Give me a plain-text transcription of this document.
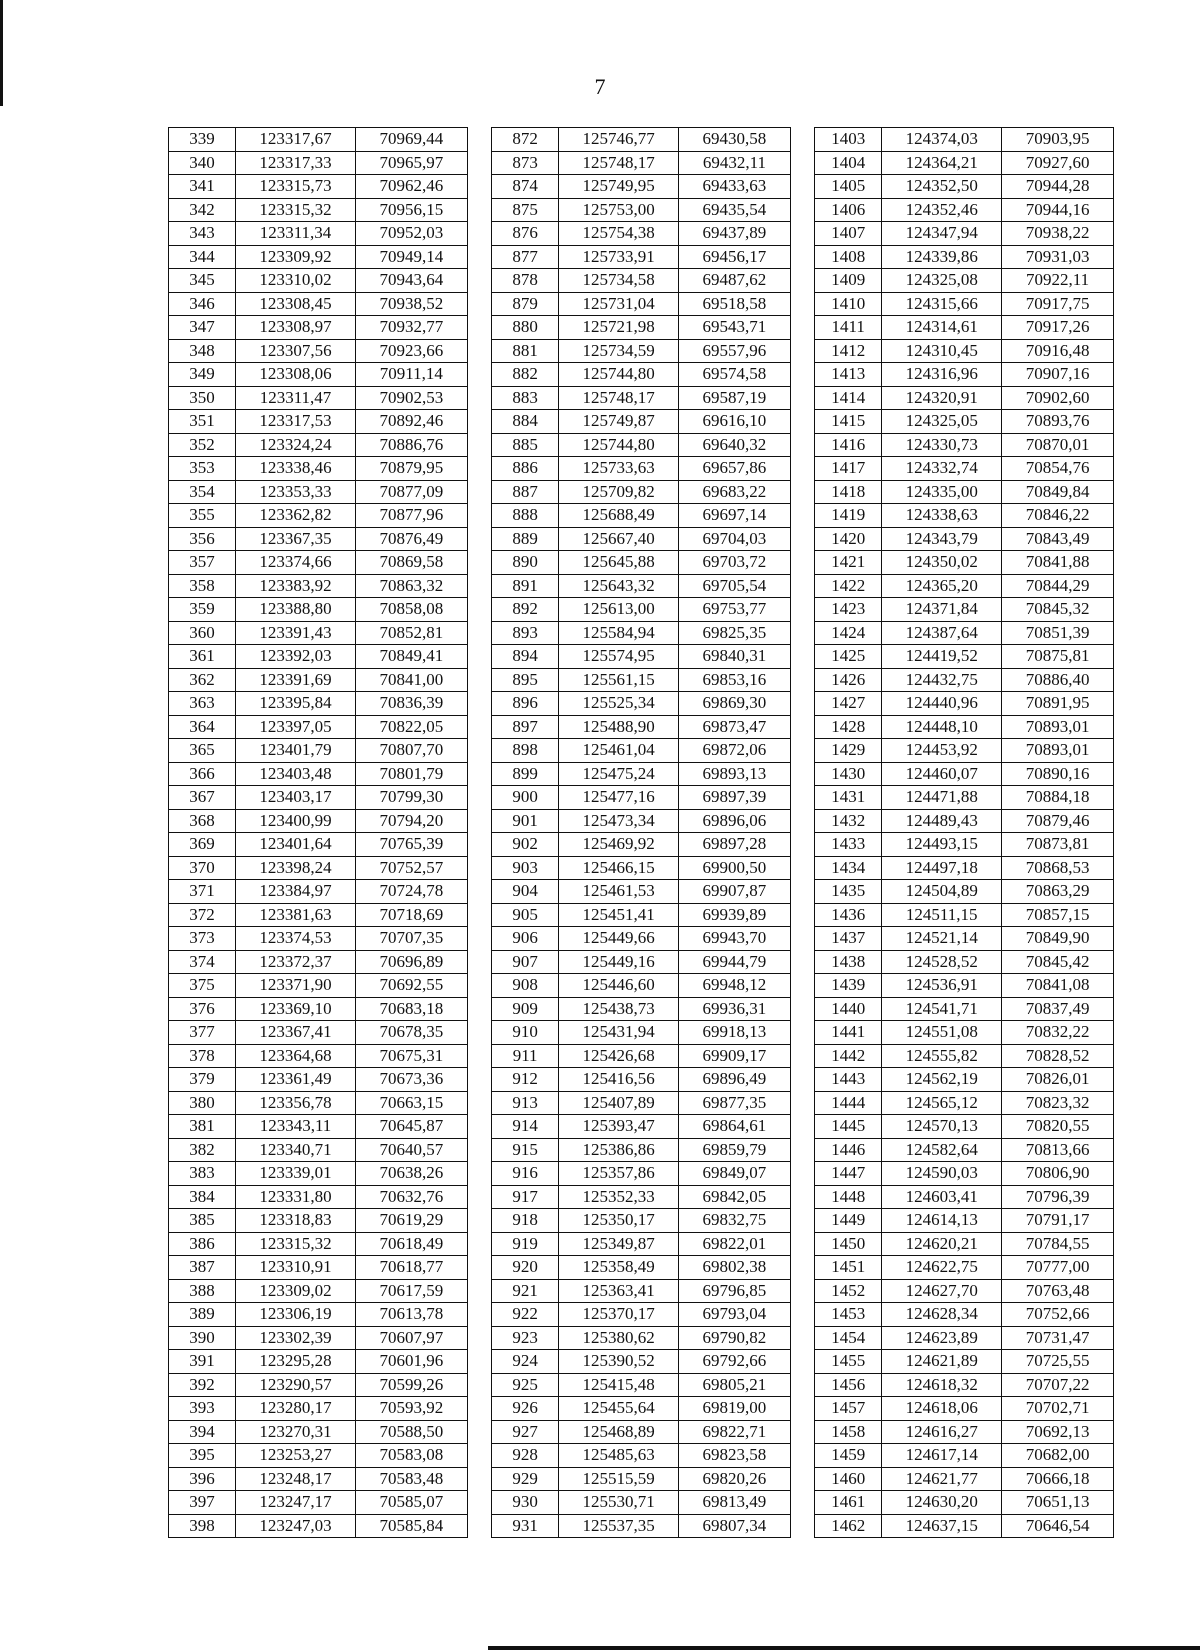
7
339	123317,67	70969,44		872	125746,77	69430,58		1403	124374,03	70903,95
340	123317,33	70965,97		873	125748,17	69432,11		1404	124364,21	70927,60
341	123315,73	70962,46		874	125749,95	69433,63		1405	124352,50	70944,28
342	123315,32	70956,15		875	125753,00	69435,54		1406	124352,46	70944,16
343	123311,34	70952,03		876	125754,38	69437,89		1407	124347,94	70938,22
344	123309,92	70949,14		877	125733,91	69456,17		1408	124339,86	70931,03
345	123310,02	70943,64		878	125734,58	69487,62		1409	124325,08	70922,11
346	123308,45	70938,52		879	125731,04	69518,58		1410	124315,66	70917,75
347	123308,97	70932,77		880	125721,98	69543,71		1411	124314,61	70917,26
348	123307,56	70923,66		881	125734,59	69557,96		1412	124310,45	70916,48
349	123308,06	70911,14		882	125744,80	69574,58		1413	124316,96	70907,16
350	123311,47	70902,53		883	125748,17	69587,19		1414	124320,91	70902,60
351	123317,53	70892,46		884	125749,87	69616,10		1415	124325,05	70893,76
352	123324,24	70886,76		885	125744,80	69640,32		1416	124330,73	70870,01
353	123338,46	70879,95		886	125733,63	69657,86		1417	124332,74	70854,76
354	123353,33	70877,09		887	125709,82	69683,22		1418	124335,00	70849,84
355	123362,82	70877,96		888	125688,49	69697,14		1419	124338,63	70846,22
356	123367,35	70876,49		889	125667,40	69704,03		1420	124343,79	70843,49
357	123374,66	70869,58		890	125645,88	69703,72		1421	124350,02	70841,88
358	123383,92	70863,32		891	125643,32	69705,54		1422	124365,20	70844,29
359	123388,80	70858,08		892	125613,00	69753,77		1423	124371,84	70845,32
360	123391,43	70852,81		893	125584,94	69825,35		1424	124387,64	70851,39
361	123392,03	70849,41		894	125574,95	69840,31		1425	124419,52	70875,81
362	123391,69	70841,00		895	125561,15	69853,16		1426	124432,75	70886,40
363	123395,84	70836,39		896	125525,34	69869,30		1427	124440,96	70891,95
364	123397,05	70822,05		897	125488,90	69873,47		1428	124448,10	70893,01
365	123401,79	70807,70		898	125461,04	69872,06		1429	124453,92	70893,01
366	123403,48	70801,79		899	125475,24	69893,13		1430	124460,07	70890,16
367	123403,17	70799,30		900	125477,16	69897,39		1431	124471,88	70884,18
368	123400,99	70794,20		901	125473,34	69896,06		1432	124489,43	70879,46
369	123401,64	70765,39		902	125469,92	69897,28		1433	124493,15	70873,81
370	123398,24	70752,57		903	125466,15	69900,50		1434	124497,18	70868,53
371	123384,97	70724,78		904	125461,53	69907,87		1435	124504,89	70863,29
372	123381,63	70718,69		905	125451,41	69939,89		1436	124511,15	70857,15
373	123374,53	70707,35		906	125449,66	69943,70		1437	124521,14	70849,90
374	123372,37	70696,89		907	125449,16	69944,79		1438	124528,52	70845,42
375	123371,90	70692,55		908	125446,60	69948,12		1439	124536,91	70841,08
376	123369,10	70683,18		909	125438,73	69936,31		1440	124541,71	70837,49
377	123367,41	70678,35		910	125431,94	69918,13		1441	124551,08	70832,22
378	123364,68	70675,31		911	125426,68	69909,17		1442	124555,82	70828,52
379	123361,49	70673,36		912	125416,56	69896,49		1443	124562,19	70826,01
380	123356,78	70663,15		913	125407,89	69877,35		1444	124565,12	70823,32
381	123343,11	70645,87		914	125393,47	69864,61		1445	124570,13	70820,55
382	123340,71	70640,57		915	125386,86	69859,79		1446	124582,64	70813,66
383	123339,01	70638,26		916	125357,86	69849,07		1447	124590,03	70806,90
384	123331,80	70632,76		917	125352,33	69842,05		1448	124603,41	70796,39
385	123318,83	70619,29		918	125350,17	69832,75		1449	124614,13	70791,17
386	123315,32	70618,49		919	125349,87	69822,01		1450	124620,21	70784,55
387	123310,91	70618,77		920	125358,49	69802,38		1451	124622,75	70777,00
388	123309,02	70617,59		921	125363,41	69796,85		1452	124627,70	70763,48
389	123306,19	70613,78		922	125370,17	69793,04		1453	124628,34	70752,66
390	123302,39	70607,97		923	125380,62	69790,82		1454	124623,89	70731,47
391	123295,28	70601,96		924	125390,52	69792,66		1455	124621,89	70725,55
392	123290,57	70599,26		925	125415,48	69805,21		1456	124618,32	70707,22
393	123280,17	70593,92		926	125455,64	69819,00		1457	124618,06	70702,71
394	123270,31	70588,50		927	125468,89	69822,71		1458	124616,27	70692,13
395	123253,27	70583,08		928	125485,63	69823,58		1459	124617,14	70682,00
396	123248,17	70583,48		929	125515,59	69820,26		1460	124621,77	70666,18
397	123247,17	70585,07		930	125530,71	69813,49		1461	124630,20	70651,13
398	123247,03	70585,84		931	125537,35	69807,34		1462	124637,15	70646,54
